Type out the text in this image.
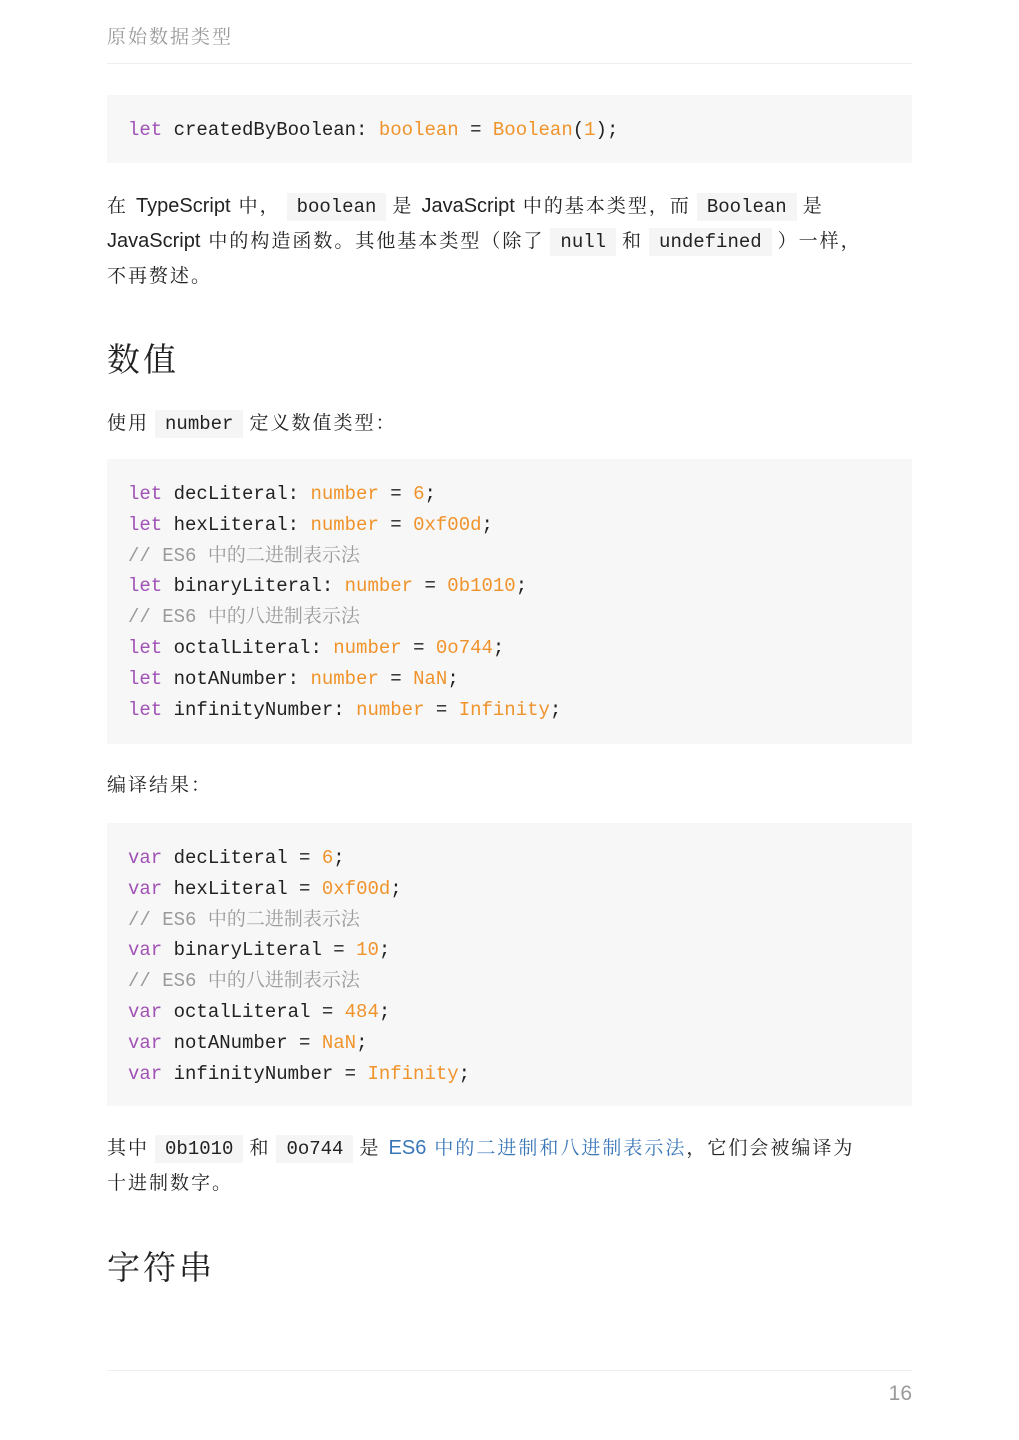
原始数据类型
let createdByBoolean: boolean = Boolean(1);
在 TypeScript 中， boolean 是 JavaScript 中的基本类型，而 Boolean 是
JavaScript 中的构造函数。其他基本类型（除了 null 和 undefined ）一样，
不再赘述。
数值
使用 number 定义数值类型：
let decLiteral: number = 6;
let hexLiteral: number = 0xf00d;
// ES6 中的二进制表示法
let binaryLiteral: number = 0b1010;
// ES6 中的八进制表示法
let octalLiteral: number = 0o744;
let notANumber: number = NaN;
let infinityNumber: number = Infinity;
编译结果：
var decLiteral = 6;
var hexLiteral = 0xf00d;
// ES6 中的二进制表示法
var binaryLiteral = 10;
// ES6 中的八进制表示法
var octalLiteral = 484;
var notANumber = NaN;
var infinityNumber = Infinity;
其中 0b1010 和 0o744 是 ES6 中的二进制和八进制表示法，它们会被编译为
十进制数字。
字符串
16
